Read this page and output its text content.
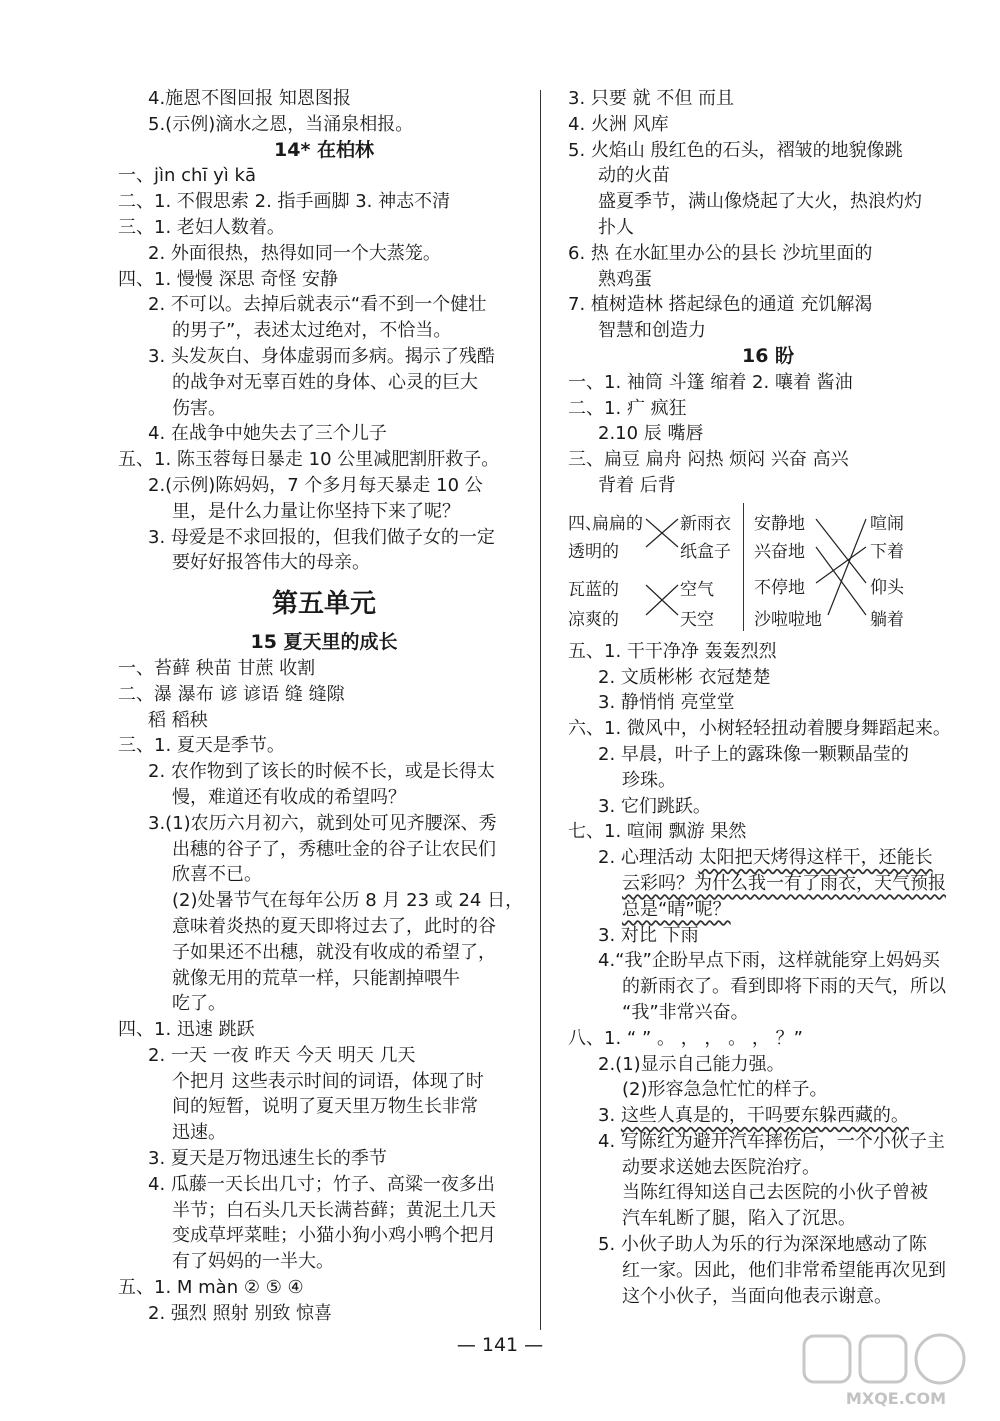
4.施恩不图回报 知恩图报
5.(示例)滴水之恩，当涌泉相报。
14* 在柏林
一、jìn chī yì kā
二、1. 不假思索 2. 指手画脚 3. 神志不清
三、1. 老妇人数着。
2. 外面很热，热得如同一个大蒸笼。
四、1. 慢慢 深思 奇怪 安静
2. 不可以。去掉后就表示“看不到一个健壮
的男子”，表述太过绝对，不恰当。
3. 头发灰白、身体虚弱而多病。揭示了残酷
的战争对无辜百姓的身体、心灵的巨大
伤害。
4. 在战争中她失去了三个儿子
五、1. 陈玉蓉每日暴走 10 公里减肥割肝救子。
2.(示例)陈妈妈，7 个多月每天暴走 10 公
里，是什么力量让你坚持下来了呢？
3. 母爱是不求回报的，但我们做子女的一定
要好好报答伟大的母亲。
第五单元
15 夏天里的成长
一、苔藓 秧苗 甘蔗 收割
二、瀑 瀑布 谚 谚语 缝 缝隙
稻 稻秧
三、1. 夏天是季节。
2. 农作物到了该长的时候不长，或是长得太
慢，难道还有收成的希望吗？
3.(1)农历六月初六，就到处可见齐腰深、秀
出穗的谷子了，秀穗吐金的谷子让农民们
欣喜不已。
(2)处暑节气在每年公历 8 月 23 或 24 日，
意味着炎热的夏天即将过去了，此时的谷
子如果还不出穗，就没有收成的希望了，
就像无用的荒草一样，只能割掉喂牛
吃了。
四、1. 迅速 跳跃
2. 一天 一夜 昨天 今天 明天 几天
个把月 这些表示时间的词语，体现了时
间的短暂，说明了夏天里万物生长非常
迅速。
3. 夏天是万物迅速生长的季节
4. 瓜藤一天长出几寸；竹子、高粱一夜多出
半节；白石头几天长满苔藓；黄泥土几天
变成草坪菜畦；小猫小狗小鸡小鸭个把月
有了妈妈的一半大。
五、1. M màn ② ⑤ ④
2. 强烈 照射 别致 惊喜
3. 只要 就 不但 而且
4. 火洲 风库
5. 火焰山 殷红色的石头，褶皱的地貌像跳
动的火苗
盛夏季节，满山像烧起了大火，热浪灼灼
扑人
6. 热 在水缸里办公的县长 沙坑里面的
熟鸡蛋
7. 植树造林 搭起绿色的通道 充饥解渴
智慧和创造力
16 盼
一、1. 袖筒 斗篷 缩着 2. 嚷着 酱油
二、1. 疒 疯狂
2.10 辰 嘴唇
三、扁豆 扁舟 闷热 烦闷 兴奋 高兴
背着 后背
四、
扁扁的
透明的
新雨衣
纸盒子
瓦蓝的
凉爽的
空气
天空
安静地
兴奋地
不停地
沙啦啦地
喧闹
下着
仰头
躺着
五、1. 干干净净 轰轰烈烈
2. 文质彬彬 衣冠楚楚
3. 静悄悄 亮堂堂
六、1. 微风中，小树轻轻扭动着腰身舞蹈起来。
2. 早晨，叶子上的露珠像一颗颗晶莹的
珍珠。
3. 它们跳跃。
七、1. 喧闹 飘游 果然
2. 心理活动 太阳把天烤得这样干，还能长
云彩吗？为什么我一有了雨衣，天气预报
总是“晴”呢？
3. 对比 下雨
4.“我”企盼早点下雨，这样就能穿上妈妈买
的新雨衣了。看到即将下雨的天气，所以
“我”非常兴奋。
八、1. “ ” 。 ， ， 。 ， ？”
2.(1)显示自己能力强。
(2)形容急急忙忙的样子。
3. 这些人真是的，干吗要东躲西藏的。
4. 写陈红为避开汽车摔伤后，一个小伙子主
动要求送她去医院治疗。
当陈红得知送自己去医院的小伙子曾被
汽车轧断了腿，陷入了沉思。
5. 小伙子助人为乐的行为深深地感动了陈
红一家。因此，他们非常希望能再次见到
这个小伙子，当面向他表示谢意。
— 141 —
MXQE.COM
